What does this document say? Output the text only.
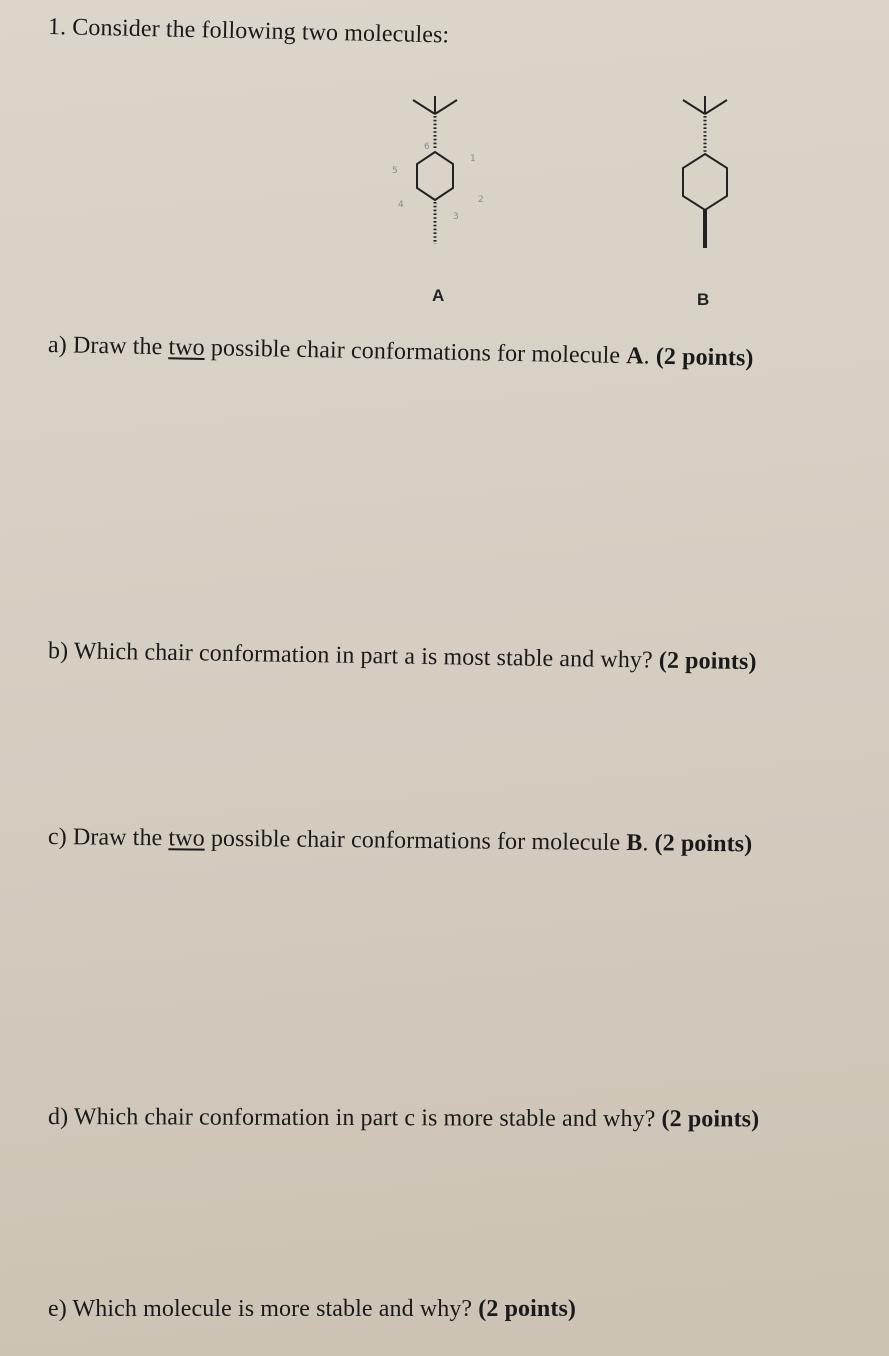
1. Consider the following two molecules:
1
2
3
4
5
6
A	B
a) Draw the two possible chair conformations for molecule A. (2 points)
b) Which chair conformation in part a is most stable and why? (2 points)
c) Draw the two possible chair conformations for molecule B. (2 points)
d) Which chair conformation in part c is more stable and why? (2 points)
e) Which molecule is more stable and why? (2 points)
